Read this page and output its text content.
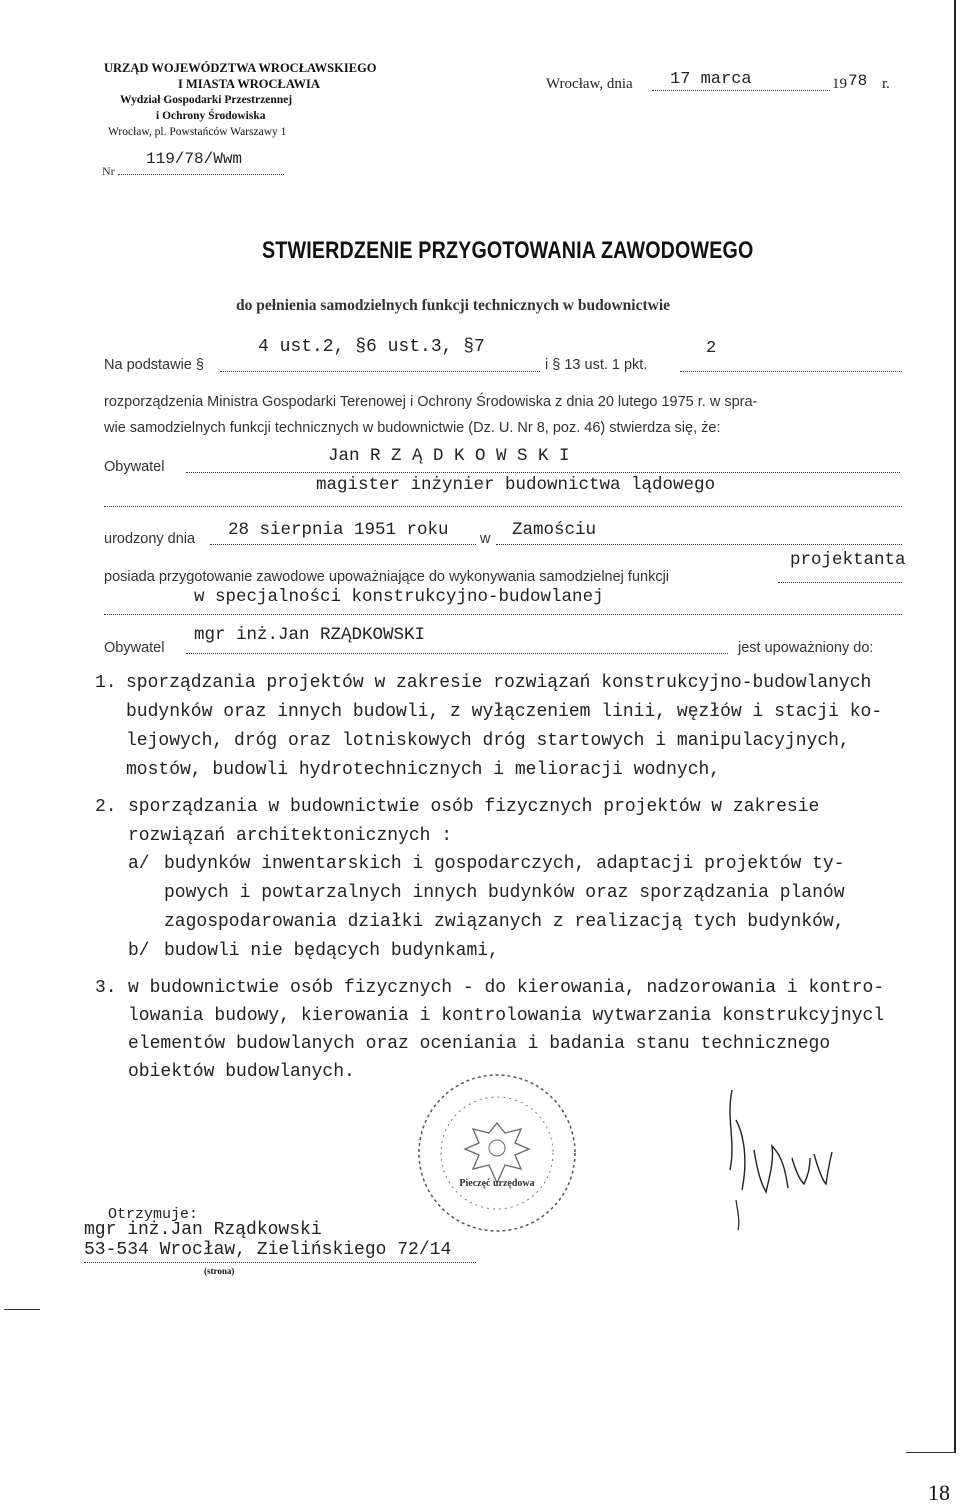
URZĄD WOJEWÓDZTWA WROCŁAWSKIEGO
I MIASTA WROCŁAWIA
Wydział Gospodarki Przestrzennej
i Ochrony Środowiska
Wrocław, pl. Powstańców Warszawy 1
Nr
119/78/Wwm
Wrocław, dnia 17 marca	19 78 r.
STWIERDZENIE PRZYGOTOWANIA ZAWODOWEGO
do pełnienia samodzielnych funkcji technicznych w budownictwie
Na podstawie §
4 ust.2, §6 ust.3, §7
i § 13 ust. 1 pkt.
2
rozporządzenia Ministra Gospodarki Terenowej i Ochrony Środowiska z dnia 20 lutego 1975 r. w spra-
wie samodzielnych funkcji technicznych w budownictwie (Dz. U. Nr 8, poz. 46) stwierdza się, że:
Obywatel
Jan R Z Ą D K O W S K I
magister inżynier budownictwa lądowego
urodzony dnia 28 sierpnia 1951 roku w Zamościu
posiada przygotowanie zawodowe upoważniające do wykonywania samodzielnej funkcji
projektanta
w specjalności konstrukcyjno-budowlanej
Obywatel
mgr inż.Jan RZĄDKOWSKI
jest upoważniony do:
1. sporządzania projektów w zakresie rozwiązań konstrukcyjno-budowlanych
budynków oraz innych budowli, z wyłączeniem linii, węzłów i stacji ko-
lejowych, dróg oraz lotniskowych dróg startowych i manipulacyjnych,
mostów, budowli hydrotechnicznych i melioracji wodnych,
2. sporządzania w budownictwie osób fizycznych projektów w zakresie
rozwiązań architektonicznych :
a/ budynków inwentarskich i gospodarczych, adaptacji projektów ty-
powych i powtarzalnych innych budynków oraz sporządzania planów
zagospodarowania działki związanych z realizacją tych budynków,
b/ budowli nie będących budynkami,
3. w budownictwie osób fizycznych - do kierowania, nadzorowania i kontro-
lowania budowy, kierowania i kontrolowania wytwarzania konstrukcyjnycl
elementów budowlanych oraz oceniania i badania stanu technicznego
obiektów budowlanych.
Pieczęć urzędowa
Otrzymuje:
mgr inż.Jan Rządkowski
53-534 Wrocław, Zielińskiego 72/14
(strona)
18
